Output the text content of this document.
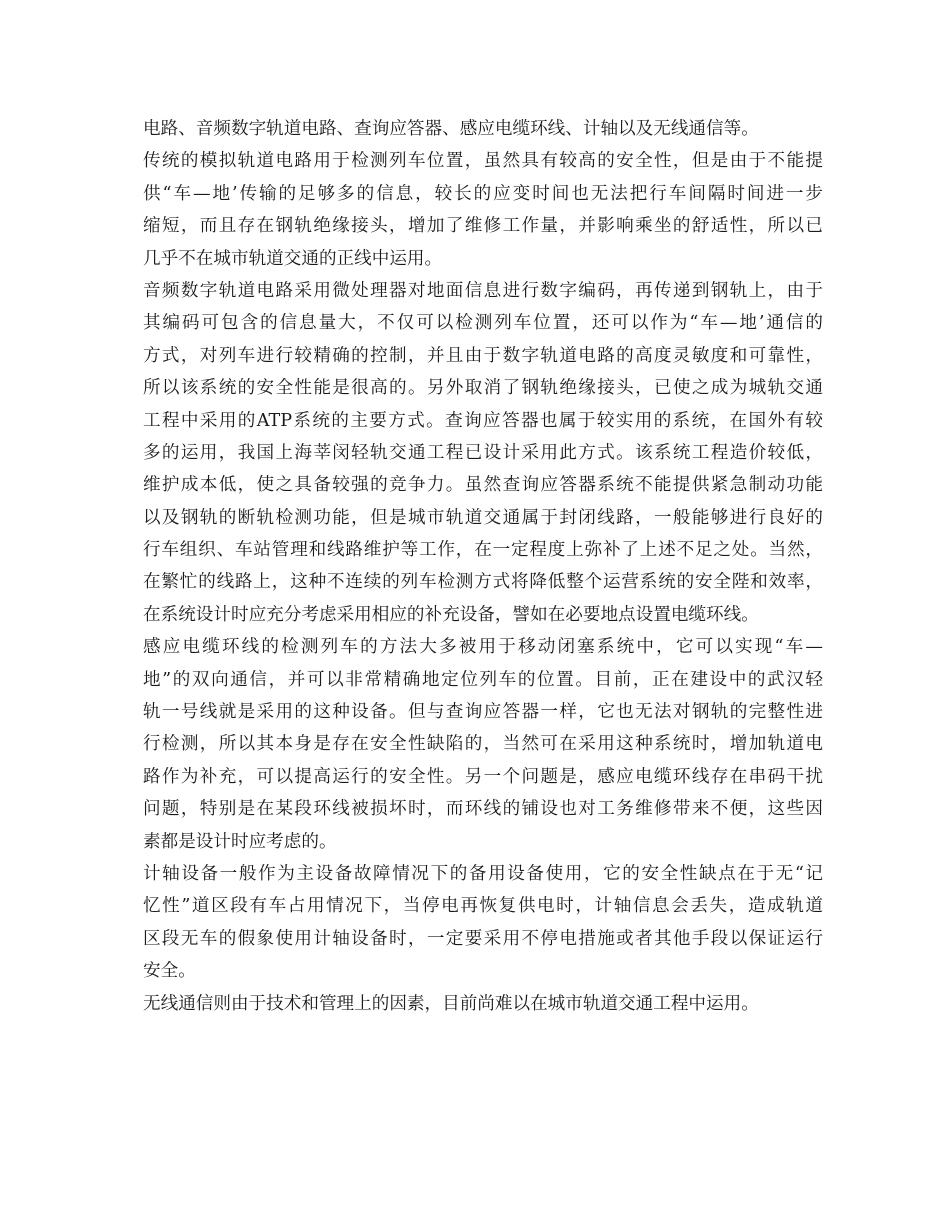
电路、音频数字轨道电路、查询应答器、感应电缆环线、计轴以及无线通信等。
传统的模拟轨道电路用于检测列车位置，虽然具有较高的安全性，但是由于不能提
供“车—地’传输的足够多的信息，较长的应变时间也无法把行车间隔时间进一步
缩短，而且存在钢轨绝缘接头，增加了维修工作量，并影响乘坐的舒适性，所以已
几乎不在城市轨道交通的正线中运用。
音频数字轨道电路采用微处理器对地面信息进行数字编码，再传递到钢轨上，由于
其编码可包含的信息量大，不仅可以检测列车位置，还可以作为“车—地’通信的
方式，对列车进行较精确的控制，并且由于数字轨道电路的高度灵敏度和可靠性，
所以该系统的安全性能是很高的。另外取消了钢轨绝缘接头，已使之成为城轨交通
工程中采用的ATP系统的主要方式。查询应答器也属于较实用的系统，在国外有较
多的运用，我国上海莘闵轻轨交通工程已设计采用此方式。该系统工程造价较低，
维护成本低，使之具备较强的竞争力。虽然查询应答器系统不能提供紧急制动功能
以及钢轨的断轨检测功能，但是城市轨道交通属于封闭线路，一般能够进行良好的
行车组织、车站管理和线路维护等工作，在一定程度上弥补了上述不足之处。当然，
在繁忙的线路上，这种不连续的列车检测方式将降低整个运营系统的安全陛和效率，
在系统设计时应充分考虑采用相应的补充设备，譬如在必要地点设置电缆环线。
感应电缆环线的检测列车的方法大多被用于移动闭塞系统中，它可以实现“车—
地”的双向通信，并可以非常精确地定位列车的位置。目前，正在建设中的武汉轻
轨一号线就是采用的这种设备。但与查询应答器一样，它也无法对钢轨的完整性进
行检测，所以其本身是存在安全性缺陷的，当然可在采用这种系统时，增加轨道电
路作为补充，可以提高运行的安全性。另一个问题是，感应电缆环线存在串码干扰
问题，特别是在某段环线被损坏时，而环线的铺设也对工务维修带来不便，这些因
素都是设计时应考虑的。
计轴设备一般作为主设备故障情况下的备用设备使用，它的安全性缺点在于无“记
忆性”道区段有车占用情况下，当停电再恢复供电时，计轴信息会丢失，造成轨道
区段无车的假象使用计轴设备时，一定要采用不停电措施或者其他手段以保证运行
安全。
无线通信则由于技术和管理上的因素，目前尚难以在城市轨道交通工程中运用。
